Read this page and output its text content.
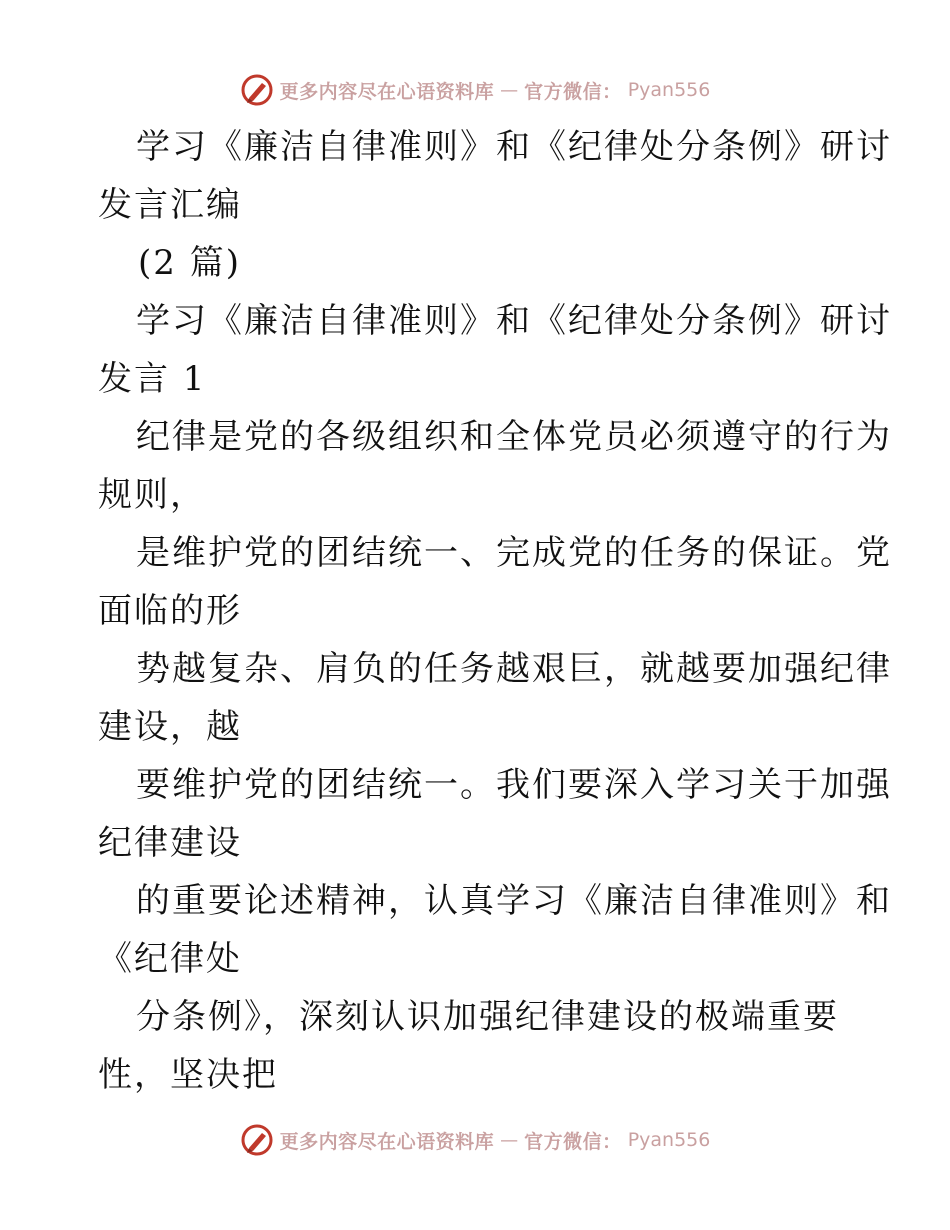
更多内容尽在心语资料库 — 官方微信： Pyan556
学习《廉洁自律准则》和《纪律处分条例》研讨
发言汇编
(2 篇)
学习《廉洁自律准则》和《纪律处分条例》研讨
发言 1
纪律是党的各级组织和全体党员必须遵守的行为
规则，
是维护党的团结统一、完成党的任务的保证。党
面临的形
势越复杂、肩负的任务越艰巨，就越要加强纪律
建设，越
要维护党的团结统一。我们要深入学习关于加强
纪律建设
的重要论述精神，认真学习《廉洁自律准则》和
《纪律处
分条例》，深刻认识加强纪律建设的极端重要
性，坚决把
更多内容尽在心语资料库 — 官方微信： Pyan556
